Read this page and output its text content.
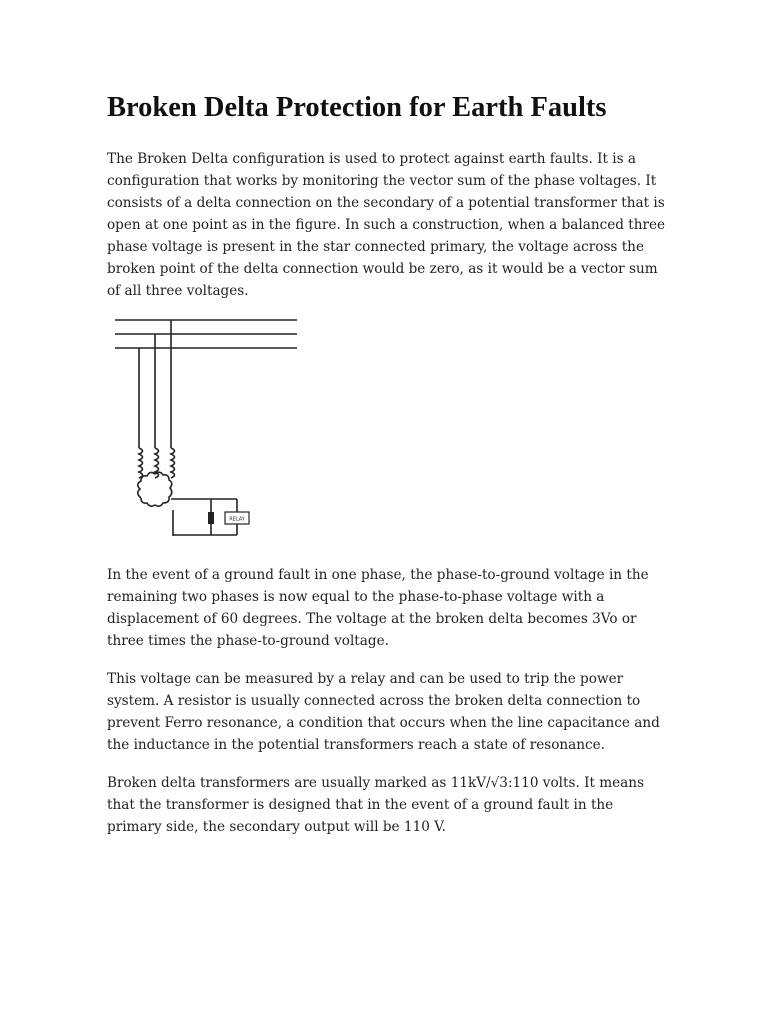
Broken Delta Protection for Earth Faults

The Broken Delta configuration is used to protect against earth faults. It is a configuration that works by monitoring the vector sum of the phase voltages. It consists of a delta connection on the secondary of a potential transformer that is open at one point as in the figure. In such a construction, when a balanced three phase voltage is present in the star connected primary, the voltage across the broken point of the delta connection would be zero, as it would be a vector sum of all three voltages.

RELAY

In the event of a ground fault in one phase, the phase-to-ground voltage in the remaining two phases is now equal to the phase-to-phase voltage with a displacement of 60 degrees. The voltage at the broken delta becomes 3Vo or three times the phase-to-ground voltage.

This voltage can be measured by a relay and can be used to trip the power system. A resistor is usually connected across the broken delta connection to prevent Ferro resonance, a condition that occurs when the line capacitance and the inductance in the potential transformers reach a state of resonance.

Broken delta transformers are usually marked as 11kV/√3:110 volts. It means that the transformer is designed that in the event of a ground fault in the primary side, the secondary output will be 110 V.
